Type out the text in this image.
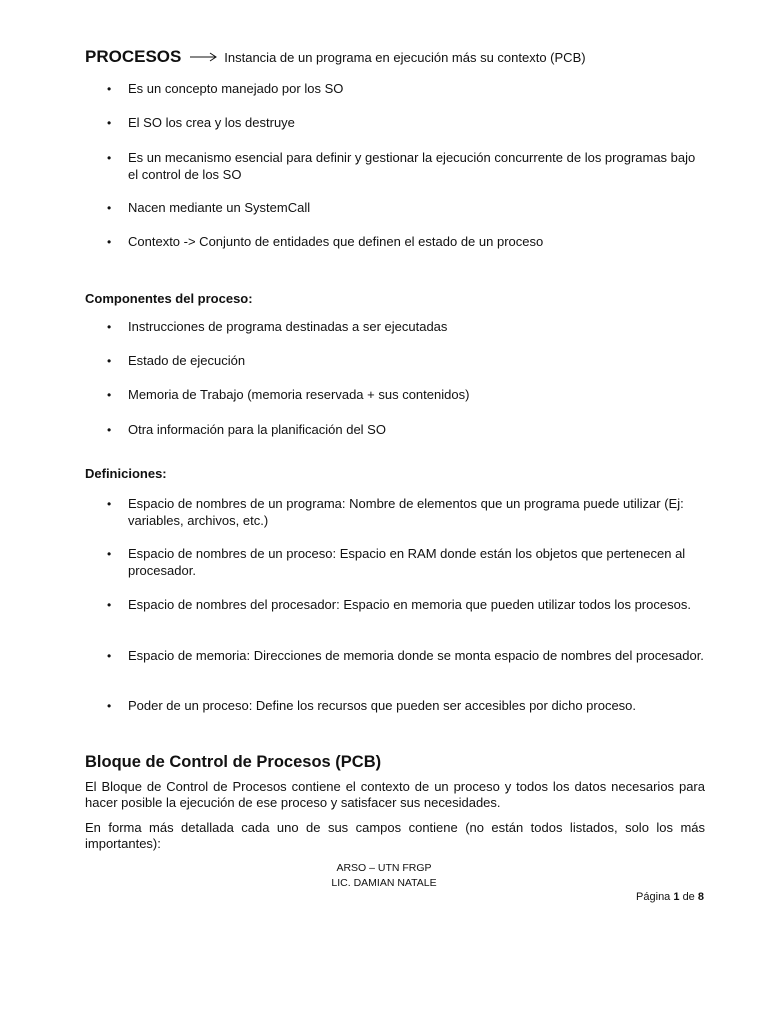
PROCESOS	Instancia de un programa en ejecución más su contexto (PCB)
• Es un concepto manejado por los SO
• El SO los crea y los destruye
• Es un mecanismo esencial para definir y gestionar la ejecución concurrente de los programas bajo el control de los SO
• Nacen mediante un SystemCall
• Contexto -> Conjunto de entidades que definen el estado de un proceso
Componentes del proceso:
• Instrucciones de programa destinadas a ser ejecutadas
• Estado de ejecución
• Memoria de Trabajo (memoria reservada + sus contenidos)
• Otra información para la planificación del SO
Definiciones:
• Espacio de nombres de un programa: Nombre de elementos que un programa puede utilizar (Ej: variables, archivos, etc.)
• Espacio de nombres de un proceso: Espacio en RAM donde están los objetos que pertenecen al procesador.
• Espacio de nombres del procesador: Espacio en memoria que pueden utilizar todos los procesos.
• Espacio de memoria: Direcciones de memoria donde se monta espacio de nombres del procesador.
• Poder de un proceso: Define los recursos que pueden ser accesibles por dicho proceso.
Bloque de Control de Procesos (PCB)
El Bloque de Control de Procesos contiene el contexto de un proceso y todos los datos necesarios para hacer posible la ejecución de ese proceso y satisfacer sus necesidades.
En forma más detallada cada uno de sus campos contiene (no están todos listados, solo los más importantes):
ARSO – UTN FRGP
LIC. DAMIAN NATALE
Página 1 de 8
